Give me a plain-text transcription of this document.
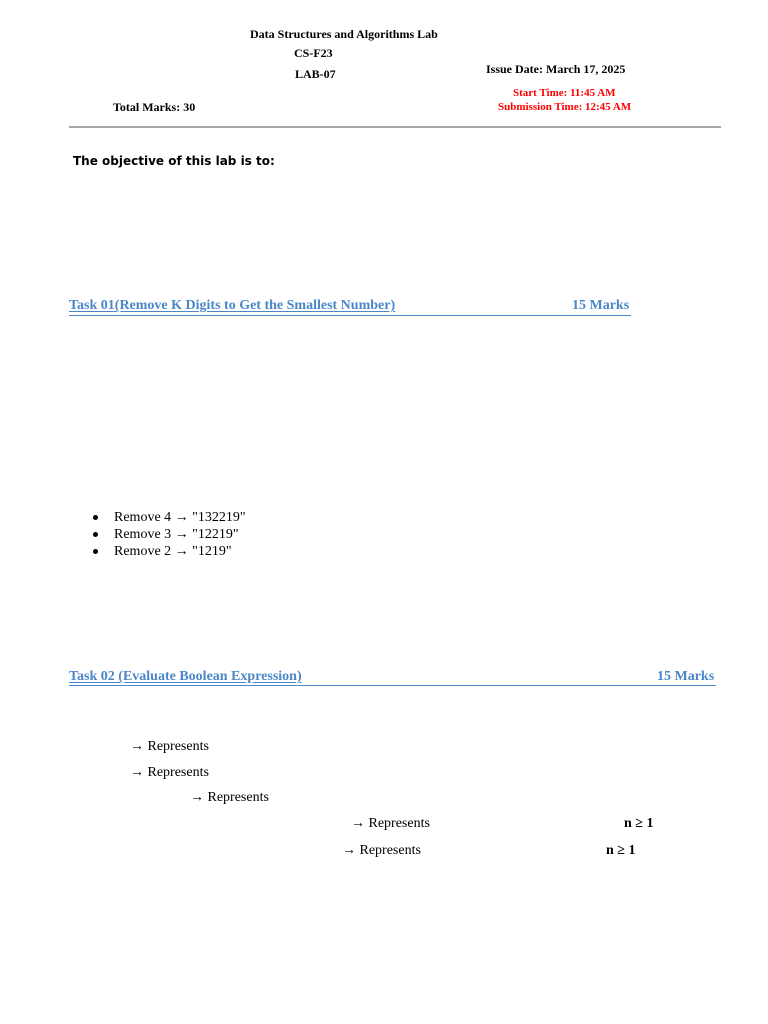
Data Structures and Algorithms Lab
CS-F23
LAB-07	Issue Date: March 17, 2025
Start Time: 11:45 AM
Submission Time: 12:45 AM
Total Marks: 30
The objective of this lab is to:
Task 01(Remove K Digits to Get the Smallest Number)	15 Marks
Remove 4 → "132219"
Remove 3 → "12219"
Remove 2 → "1219"
Task 02 (Evaluate Boolean Expression)	15 Marks
→ Represents
→ Represents
→ Represents
→ Represents	n ≥ 1
→ Represents	n ≥ 1
